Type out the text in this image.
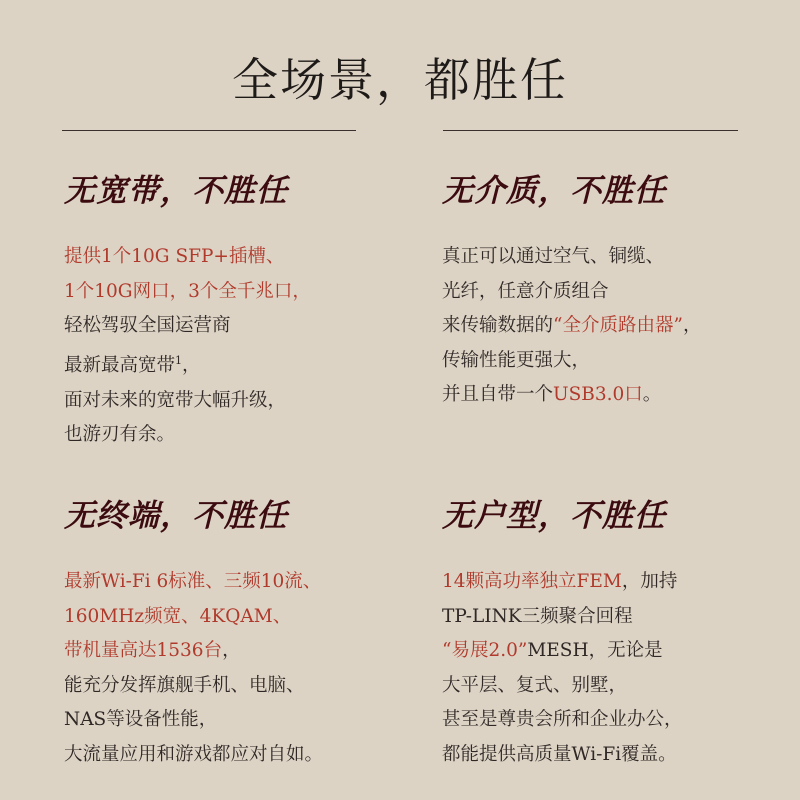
全场景，都胜任
无宽带，不胜任
提供1个10G SFP+插槽、
1个10G网口，3个全千兆口，
轻松驾驭全国运营商
最新最高宽带$^1$，
面对未来的宽带大幅升级，
也游刃有余。
无介质，不胜任
真正可以通过空气、铜缆、
光纤，任意介质组合
来传输数据的“全介质路由器”，
传输性能更强大，
并且自带一个USB3.0口。
无终端，不胜任
最新Wi-Fi 6标准、三频10流、
160MHz频宽、4KQAM、
带机量高达1536台，
能充分发挥旗舰手机、电脑、
NAS等设备性能，
大流量应用和游戏都应对自如。
无户型，不胜任
14颗高功率独立FEM，加持
TP-LINK三频聚合回程
“易展2.0”MESH，无论是
大平层、复式、别墅，
甚至是尊贵会所和企业办公，
都能提供高质量Wi-Fi覆盖。
